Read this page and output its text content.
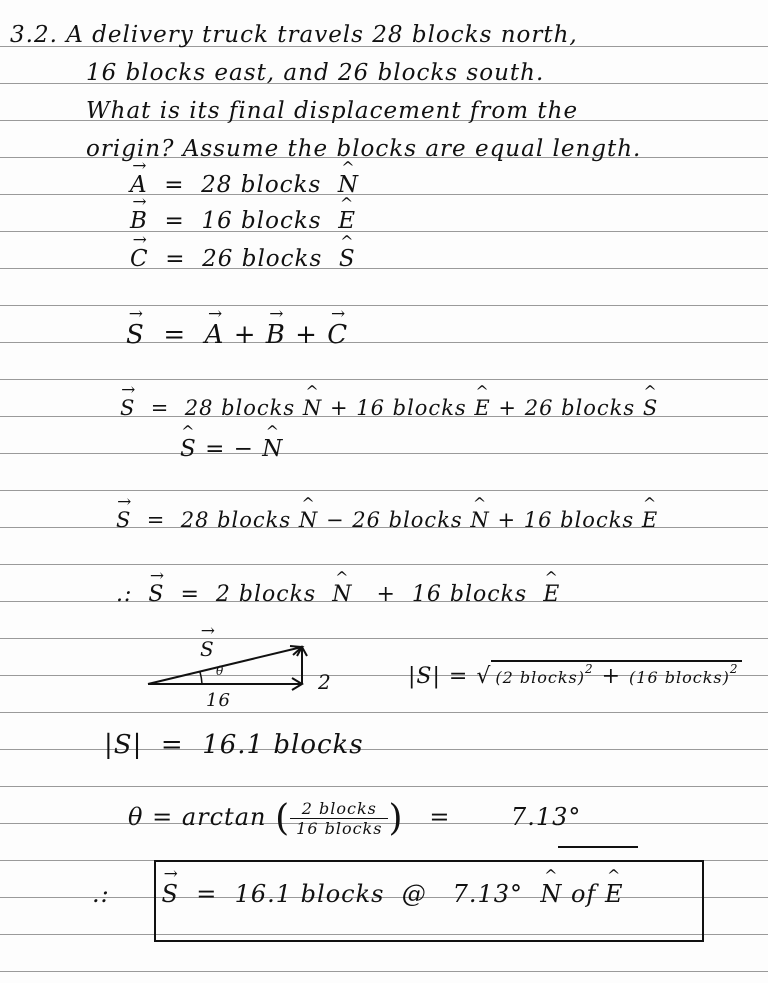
3.2. A delivery truck travels 28 blocks north,
16 blocks east, and 26 blocks south.
What is its final displacement from the
origin? Assume the blocks are equal length.
→ A = 28 blocks ^ N
→ B = 16 blocks ^ E
→ C = 26 blocks ^ S
→ S = → A + → B + → C
→ S = 28 blocks ^ N + 16 blocks ^ E + 26 blocks ^ S
^ S = − ^ N
→ S = 28 blocks ^ N − 26 blocks ^ N + 16 blocks ^ E
.: → S = 2 blocks ^ N + 16 blocks ^ E
→ S
θ	2
16
|S| = √ (2 blocks)$^2$ + (16 blocks)$^2$
|S| = 16.1 blocks
θ = arctan ( $\frac{\text{2 blocks}}{\text{16 blocks}}$ ) =	7.13°
.: → S = 16.1 blocks @ 7.13° ^ N of ^ E
